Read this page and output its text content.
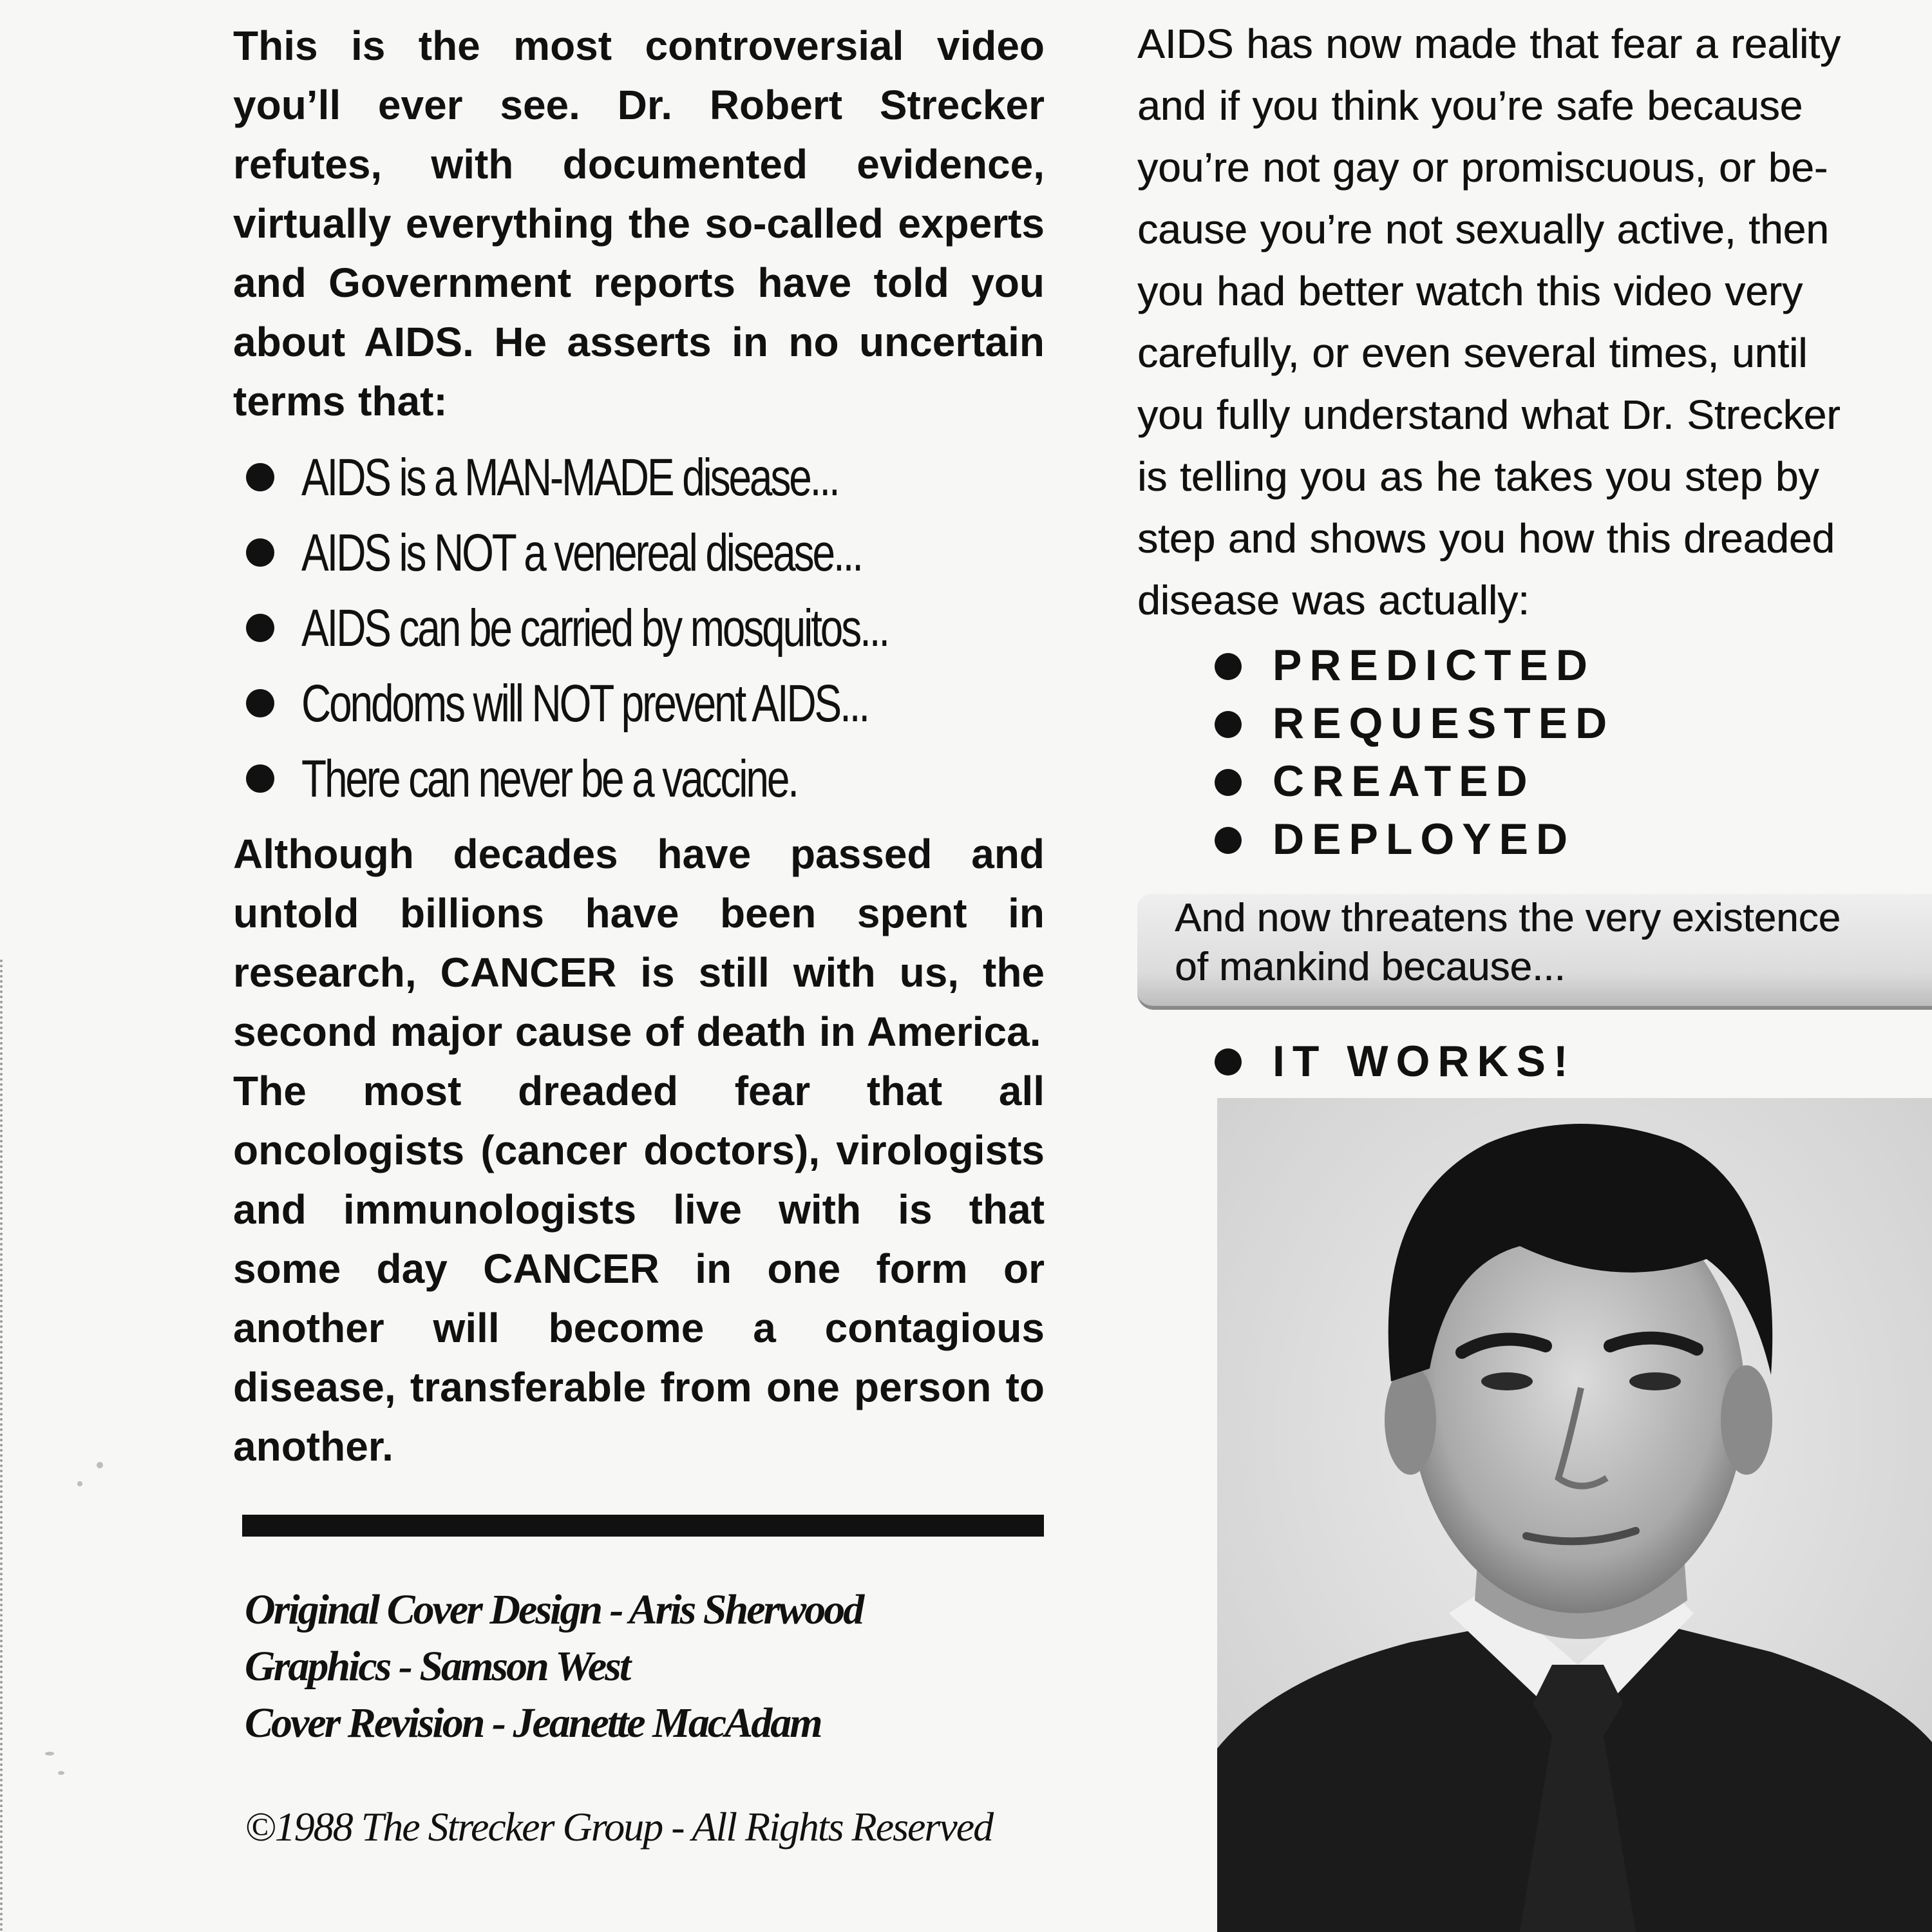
This is the most controversial video you’ll ever see. Dr. Robert Strecker refutes, with documented evidence, virtually everything the so-called experts and Government reports have told you about AIDS. He asserts in no uncertain terms that:

AIDS is a MAN-MADE disease...
AIDS is NOT a venereal disease...
AIDS can be carried by mosquitos...
Condoms will NOT prevent AIDS...
There can never be a vaccine.

Although decades have passed and untold billions have been spent in research, CANCER is still with us, the second major cause of death in America.

The most dreaded fear that all oncologists (cancer doctors), virologists and immunologists live with is that some day CANCER in one form or another will become a contagious disease, transferable from one person to another.

Original Cover Design - Aris Sherwood
Graphics - Samson West
Cover Revision - Jeanette MacAdam
©1988 The Strecker Group - All Rights Reserved
AIDS has now made that fear a reality
and if you think you’re safe because
you’re not gay or promiscuous, or be-
cause you’re not sexually active, then
you had better watch this video very
carefully, or even several times, until
you fully understand what Dr. Strecker
is telling you as he takes you step by
step and shows you how this dreaded
disease was actually:
PREDICTED
REQUESTED
CREATED
DEPLOYED
And now threatens the very existence
of mankind because...
IT WORKS!
